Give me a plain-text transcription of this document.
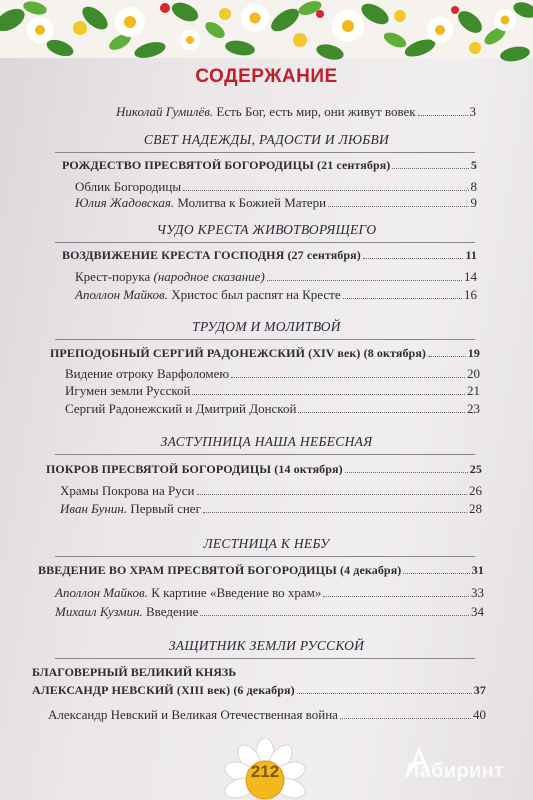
СОДЕРЖАНИЕ
Николай Гумилёв. Есть Бог, есть мир, они живут вовек	3
СВЕТ НАДЕЖДЫ, РАДОСТИ И ЛЮБВИ
РОЖДЕСТВО ПРЕСВЯТОЙ БОГОРОДИЦЫ (21 сентября)	5
Облик Богородицы	8
Юлия Жадовская. Молитва к Божией Матери	9
ЧУДО КРЕСТА ЖИВОТВОРЯЩЕГО
ВОЗДВИЖЕНИЕ КРЕСТА ГОСПОДНЯ (27 сентября)	11
Крест-порука (народное сказание)	14
Аполлон Майков. Христос был распят на Кресте	16
ТРУДОМ И МОЛИТВОЙ
ПРЕПОДОБНЫЙ СЕРГИЙ РАДОНЕЖСКИЙ (XIV век) (8 октября)	19
Видение отроку Варфоломею	20
Игумен земли Русской	21
Сергий Радонежский и Дмитрий Донской	23
ЗАСТУПНИЦА НАША НЕБЕСНАЯ
ПОКРОВ ПРЕСВЯТОЙ БОГОРОДИЦЫ (14 октября)	25
Храмы Покрова на Руси	26
Иван Бунин. Первый снег	28
ЛЕСТНИЦА К НЕБУ
ВВЕДЕНИЕ ВО ХРАМ ПРЕСВЯТОЙ БОГОРОДИЦЫ (4 декабря)	31
Аполлон Майков. К картине «Введение во храм»	33
Михаил Кузмин. Введение	34
ЗАЩИТНИК ЗЕМЛИ РУССКОЙ
БЛАГОВЕРНЫЙ ВЕЛИКИЙ КНЯЗЬ
АЛЕКСАНДР НЕВСКИЙ (XIII век) (6 декабря)	37
Александр Невский и Великая Отечественная война	40
212	Лабиринт
